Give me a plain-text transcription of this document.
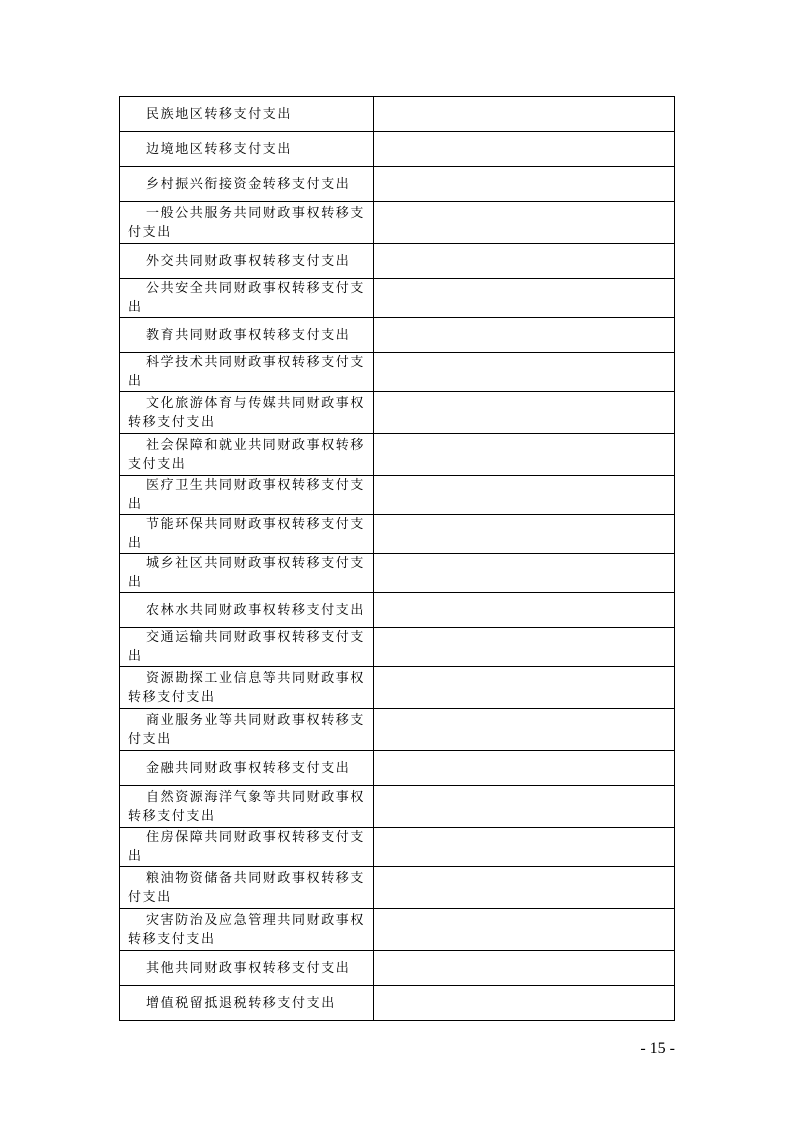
民族地区转移支付支出	
边境地区转移支付支出	
乡村振兴衔接资金转移支付支出	
一般公共服务共同财政事权转移支付支出	
外交共同财政事权转移支付支出	
公共安全共同财政事权转移支付支出	
教育共同财政事权转移支付支出	
科学技术共同财政事权转移支付支出	
文化旅游体育与传媒共同财政事权转移支付支出	
社会保障和就业共同财政事权转移支付支出	
医疗卫生共同财政事权转移支付支出	
节能环保共同财政事权转移支付支出	
城乡社区共同财政事权转移支付支出	
农林水共同财政事权转移支付支出	
交通运输共同财政事权转移支付支出	
资源勘探工业信息等共同财政事权转移支付支出	
商业服务业等共同财政事权转移支付支出	
金融共同财政事权转移支付支出	
自然资源海洋气象等共同财政事权转移支付支出	
住房保障共同财政事权转移支付支出	
粮油物资储备共同财政事权转移支付支出	
灾害防治及应急管理共同财政事权转移支付支出	
其他共同财政事权转移支付支出	
增值税留抵退税转移支付支出	
- 15 -
